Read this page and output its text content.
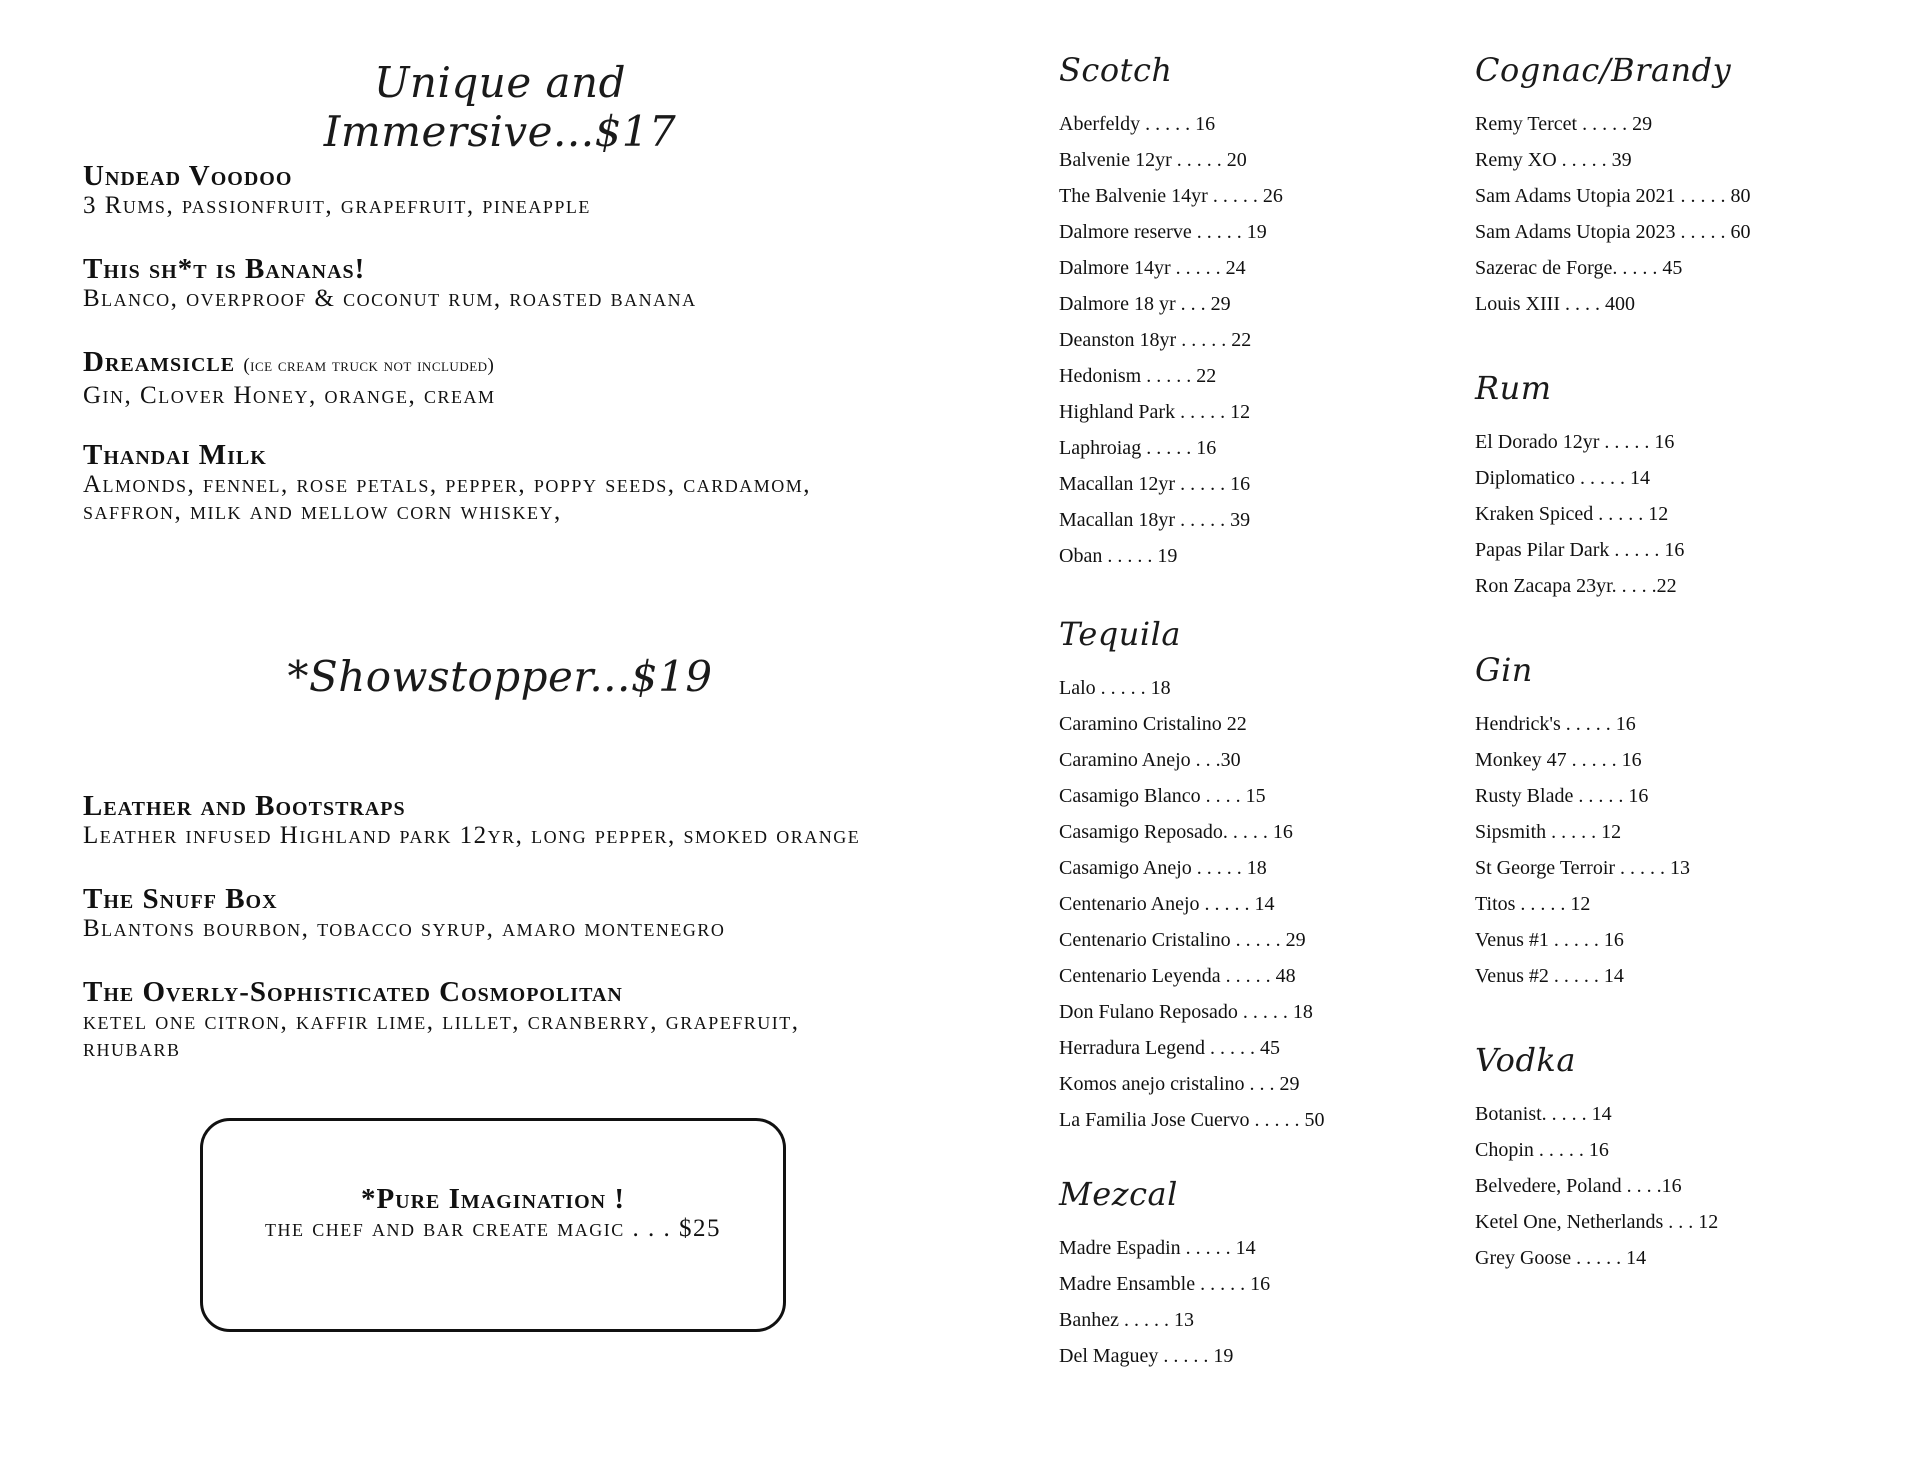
Unique and Immersive...$17
Undead Voodoo
3 Rums, passionfruit, grapefruit, pineapple
This sh*t is Bananas!
Blanco, overproof & coconut rum, roasted banana
Dreamsicle (ice cream truck not included)
Gin, Clover Honey, orange, cream
Thandai Milk
Almonds, fennel, rose petals, pepper, poppy seeds, cardamom, saffron, milk and mellow corn whiskey,
*Showstopper...$19
Leather and Bootstraps
Leather infused Highland park 12yr, long pepper, smoked orange
The Snuff Box
Blantons bourbon, tobacco syrup, amaro montenegro
The Overly-Sophisticated Cosmopolitan
ketel one citron, kaffir lime, lillet, cranberry, grapefruit, rhubarb
*Pure Imagination !
the chef and bar create magic . . . $25
Scotch
Aberfeldy . . . . . 16
Balvenie 12yr . . . . . 20
The Balvenie 14yr . . . . . 26
Dalmore reserve . . . . . 19
Dalmore 14yr . . . . . 24
Dalmore 18 yr . . . 29
Deanston 18yr . . . . . 22
Hedonism . . . . . 22
Highland Park . . . . . 12
Laphroiag . . . . . 16
Macallan 12yr . . . . . 16
Macallan 18yr . . . . . 39
Oban . . . . . 19
Tequila
Lalo . . . . . 18
Caramino Cristalino 22
Caramino Anejo . . .30
Casamigo Blanco . . . . 15
Casamigo Reposado. . . . . 16
Casamigo Anejo . . . . . 18
Centenario Anejo . . . . . 14
Centenario Cristalino . . . . . 29
Centenario Leyenda . . . . . 48
Don Fulano Reposado . . . . . 18
Herradura Legend . . . . . 45
Komos anejo cristalino . . . 29
La Familia Jose Cuervo . . . . . 50
Mezcal
Madre Espadin . . . . . 14
Madre Ensamble . . . . . 16
Banhez . . . . . 13
Del Maguey . . . . . 19
Cognac/Brandy
Remy Tercet . . . . . 29
Remy XO . . . . . 39
Sam Adams Utopia 2021 . . . . . 80
Sam Adams Utopia 2023 . . . . . 60
Sazerac de Forge. . . . . 45
Louis XIII . . . . 400
Rum
El Dorado 12yr . . . . . 16
Diplomatico . . . . . 14
Kraken Spiced . . . . . 12
Papas Pilar Dark . . . . . 16
Ron Zacapa 23yr. . . . .22
Gin
Hendrick's . . . . . 16
Monkey 47 . . . . . 16
Rusty Blade . . . . . 16
Sipsmith . . . . . 12
St George Terroir . . . . . 13
Titos . . . . . 12
Venus #1 . . . . . 16
Venus #2 . . . . . 14
Vodka
Botanist. . . . . 14
Chopin . . . . . 16
Belvedere, Poland . . . .16
Ketel One, Netherlands . . . 12
Grey Goose . . . . . 14
